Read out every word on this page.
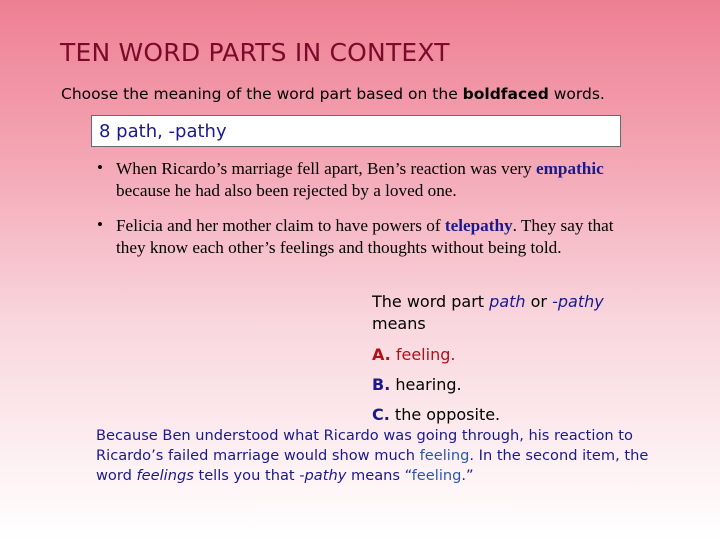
TEN WORD PARTS IN CONTEXT
Choose the meaning of the word part based on the boldfaced words.
8 path, -pathy
• When Ricardo’s marriage fell apart, Ben’s reaction was very empathic because he had also been rejected by a loved one.
• Felicia and her mother claim to have powers of telepathy. They say that they know each other’s feelings and thoughts without being told.
The word part path or -pathy
means
A. feeling.
B. hearing.
C. the opposite.
Because Ben understood what Ricardo was going through, his reaction to Ricardo’s failed marriage would show much feeling. In the second item, the word feelings tells you that -pathy means “feeling.”
